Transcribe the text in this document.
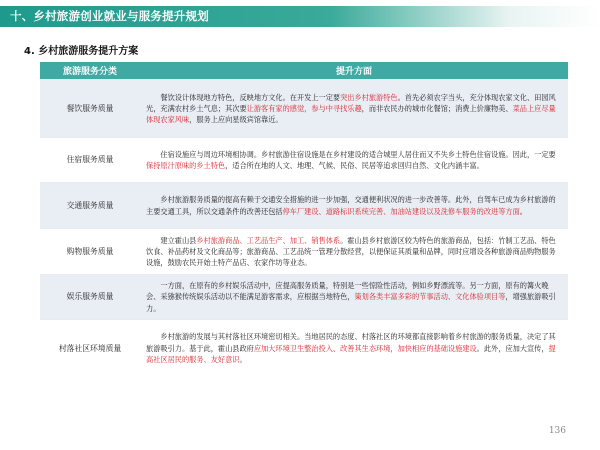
十、乡村旅游创业就业与服务提升规划
4. 乡村旅游服务提升方案
旅游服务分类	提升方面
餐饮服务质量	  餐饮设计体现地方特色，反映地方文化。在开发上一定要突出乡村旅游特色。首先必须农字当头，充分体现农家文化、田园风光，充满农村乡土气息；其次要让游客有家的感觉，参与中寻找乐趣，而非农民办的城市化餐馆；消费上价廉物美、菜品上应尽量体现农家风味，服务上应向星级宾馆靠近。
住宿服务质量	  住宿设施应与周边环境相协调。乡村旅游住宿设施是在乡村建设的适合城里人居住而又不失乡土特色住宿设施。因此，一定要保持原汁原味的乡土特色，适合所在地的人文、地理、气候、民俗、民居等追求回归自然、文化内涵丰富。
交通服务质量	  乡村旅游服务质量的提高有赖于交通安全措施的进一步加强，交通便利状况的进一步改善等。此外，自驾车已成为乡村旅游的主要交通工具，所以交通条件的改善还包括停车厂建设、道路标识系统完善、加油站建设以及洗修车服务的改进等方面。
购物服务质量	  建立霍山县乡村旅游商品、工艺品生产、加工、销售体系。霍山县乡村旅游区较为特色的旅游商品，包括：竹制工艺品、特色饮食、补品药材及文化商品等；旅游商品、工艺品统一管理分散经营，以便保证其质量和品牌，同时应增设各种旅游商品购物服务设施，鼓励农民开始土特产品店、农家作坊等业态。
娱乐服务质量	  一方面，在原有的乡村娱乐活动中，应提高服务质量，特别是一些惊险性活动，例如乡野漂流等。另一方面，原有的篝火晚会、采猕猴传统娱乐活动以不能满足游客需求，应根据当地特色，策划各类丰富多彩的节事活动、文化体验项目等，增强旅游吸引力。
村落社区环境质量	  乡村旅游的发展与其村落社区环境密切相关。当地居民的态度、村落社区的环境都直接影响着乡村旅游的服务质量，决定了其旅游吸引力。基于此，霍山县政府应加大环境卫生整治投入、改善其生态环境，加快相应的基础设施建设。此外，应加大宣传，提高社区居民的服务、友好意识。
136
